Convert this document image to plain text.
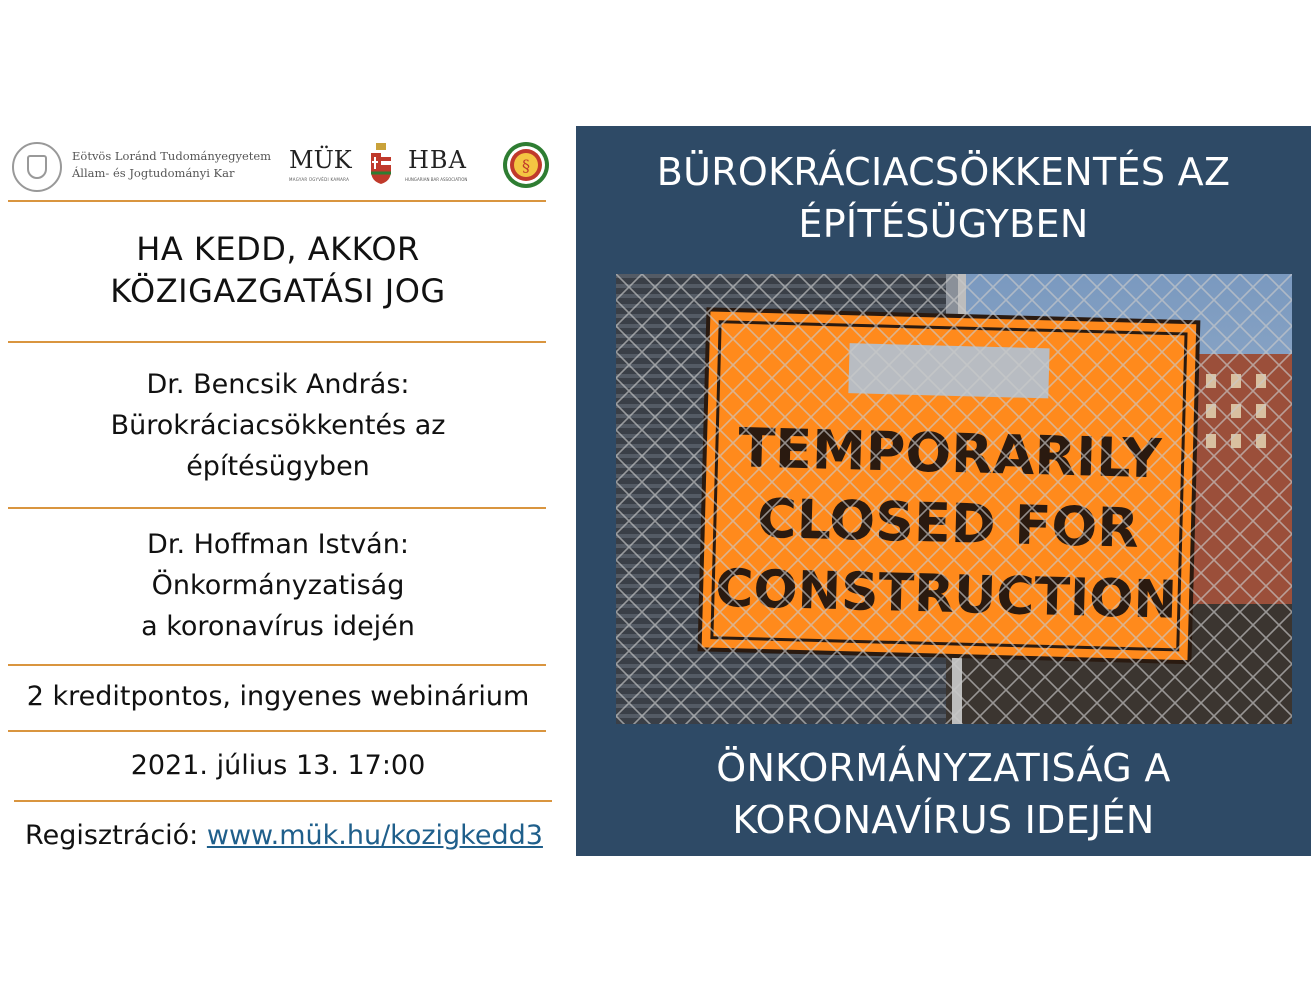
Eötvös Loránd Tudományegyetem
Állam- és Jogtudományi Kar MÜK
MAGYAR ÜGYVÉDI KAMARA
HBA
HUNGARIAN BAR ASSOCIATION
§
HA KEDD, AKKOR
KÖZIGAZGATÁSI JOG
Dr. Bencsik András:
Bürokráciacsökkentés az
építésügyben
Dr. Hoffman István:
Önkormányzatiság
a koronavírus idején
2 kreditpontos, ingyenes webinárium
2021. július 13. 17:00
Regisztráció: www.mük.hu/kozigkedd3
BÜROKRÁCIACSÖKKENTÉS AZ
ÉPÍTÉSÜGYBEN
ÖNKORMÁNYZATISÁG A
KORONAVÍRUS IDEJÉN
